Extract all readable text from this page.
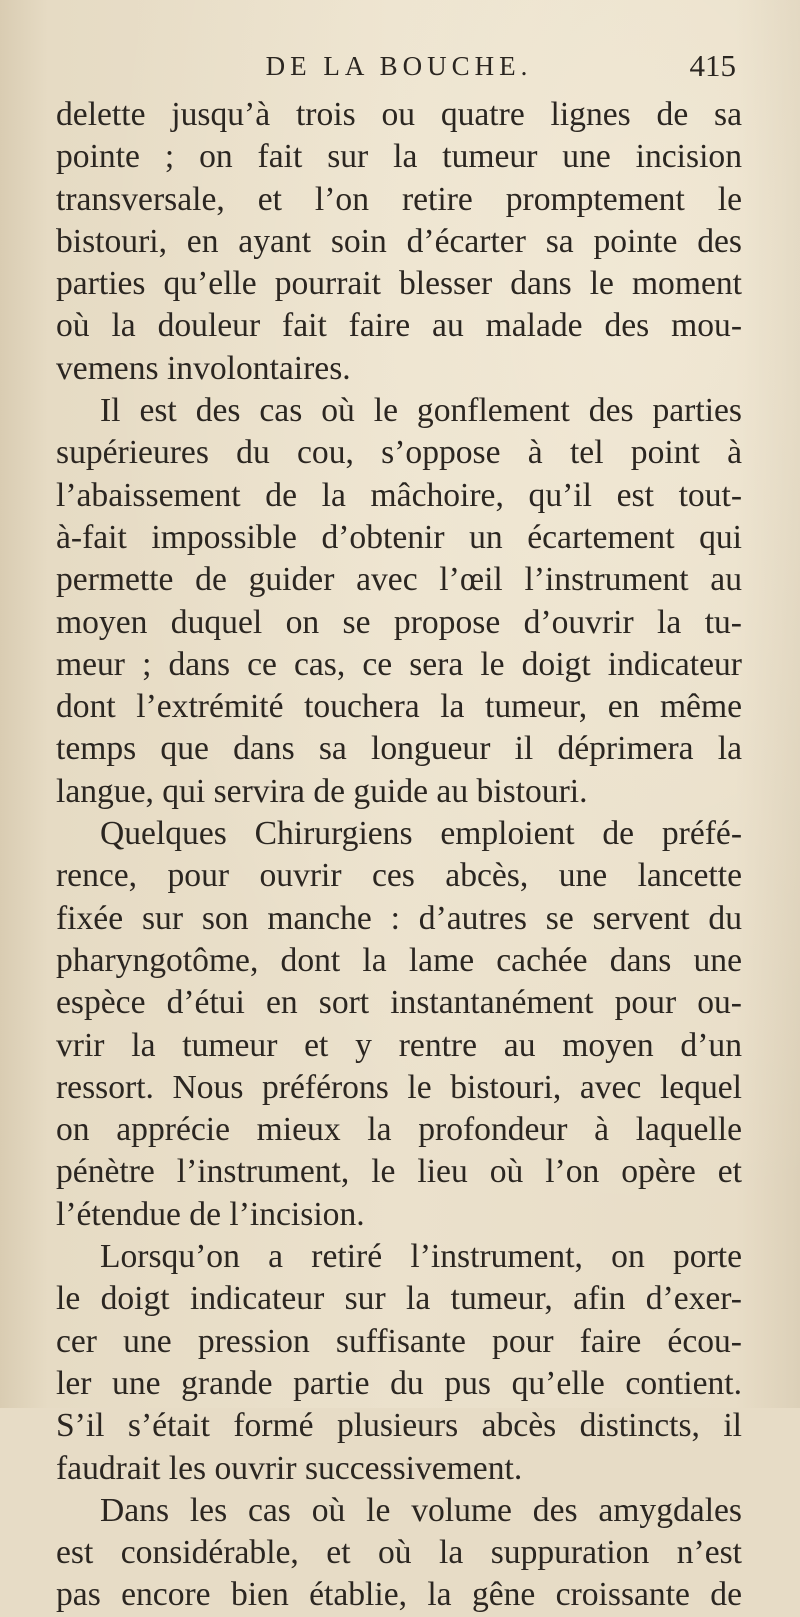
DE LA BOUCHE.	415
delette jusqu’à trois ou quatre lignes de sa
pointe ; on fait sur la tumeur une incision
transversale, et l’on retire promptement le
bistouri, en ayant soin d’écarter sa pointe des
parties qu’elle pourrait blesser dans le moment
où la douleur fait faire au malade des mou-
vemens involontaires.
Il est des cas où le gonflement des parties
supérieures du cou, s’oppose à tel point à
l’abaissement de la mâchoire, qu’il est tout-
à-fait impossible d’obtenir un écartement qui
permette de guider avec l’œil l’instrument au
moyen duquel on se propose d’ouvrir la tu-
meur ; dans ce cas, ce sera le doigt indicateur
dont l’extrémité touchera la tumeur, en même
temps que dans sa longueur il déprimera la
langue, qui servira de guide au bistouri.
Quelques Chirurgiens emploient de préfé-
rence, pour ouvrir ces abcès, une lancette
fixée sur son manche : d’autres se servent du
pharyngotôme, dont la lame cachée dans une
espèce d’étui en sort instantanément pour ou-
vrir la tumeur et y rentre au moyen d’un
ressort. Nous préférons le bistouri, avec lequel
on apprécie mieux la profondeur à laquelle
pénètre l’instrument, le lieu où l’on opère et
l’étendue de l’incision.
Lorsqu’on a retiré l’instrument, on porte
le doigt indicateur sur la tumeur, afin d’exer-
cer une pression suffisante pour faire écou-
ler une grande partie du pus qu’elle contient.
S’il s’était formé plusieurs abcès distincts, il
faudrait les ouvrir successivement.
Dans les cas où le volume des amygdales
est considérable, et où la suppuration n’est
pas encore bien établie, la gêne croissante de
